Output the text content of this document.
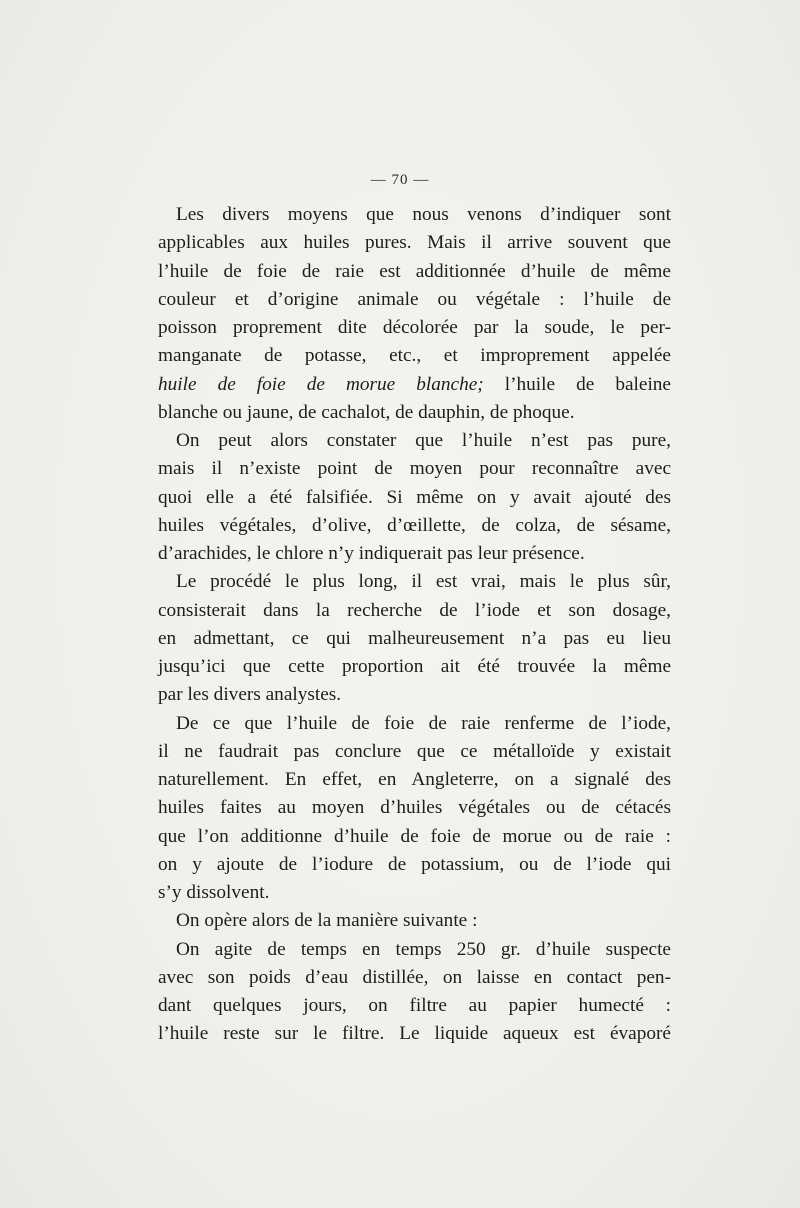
— 70 —
Les divers moyens que nous venons d’indiquer sont
applicables aux huiles pures. Mais il arrive souvent que
l’huile de foie de raie est additionnée d’huile de même
couleur et d’origine animale ou végétale : l’huile de
poisson proprement dite décolorée par la soude, le per-
manganate de potasse, etc., et improprement appelée
huile de foie de morue blanche; l’huile de baleine
blanche ou jaune, de cachalot, de dauphin, de phoque.
On peut alors constater que l’huile n’est pas pure,
mais il n’existe point de moyen pour reconnaître avec
quoi elle a été falsifiée. Si même on y avait ajouté des
huiles végétales, d’olive, d’œillette, de colza, de sésame,
d’arachides, le chlore n’y indiquerait pas leur présence.
Le procédé le plus long, il est vrai, mais le plus sûr,
consisterait dans la recherche de l’iode et son dosage,
en admettant, ce qui malheureusement n’a pas eu lieu
jusqu’ici que cette proportion ait été trouvée la même
par les divers analystes.
De ce que l’huile de foie de raie renferme de l’iode,
il ne faudrait pas conclure que ce métalloïde y existait
naturellement. En effet, en Angleterre, on a signalé des
huiles faites au moyen d’huiles végétales ou de cétacés
que l’on additionne d’huile de foie de morue ou de raie :
on y ajoute de l’iodure de potassium, ou de l’iode qui
s’y dissolvent.
On opère alors de la manière suivante :
On agite de temps en temps 250 gr. d’huile suspecte
avec son poids d’eau distillée, on laisse en contact pen-
dant quelques jours, on filtre au papier humecté :
l’huile reste sur le filtre. Le liquide aqueux est évaporé
